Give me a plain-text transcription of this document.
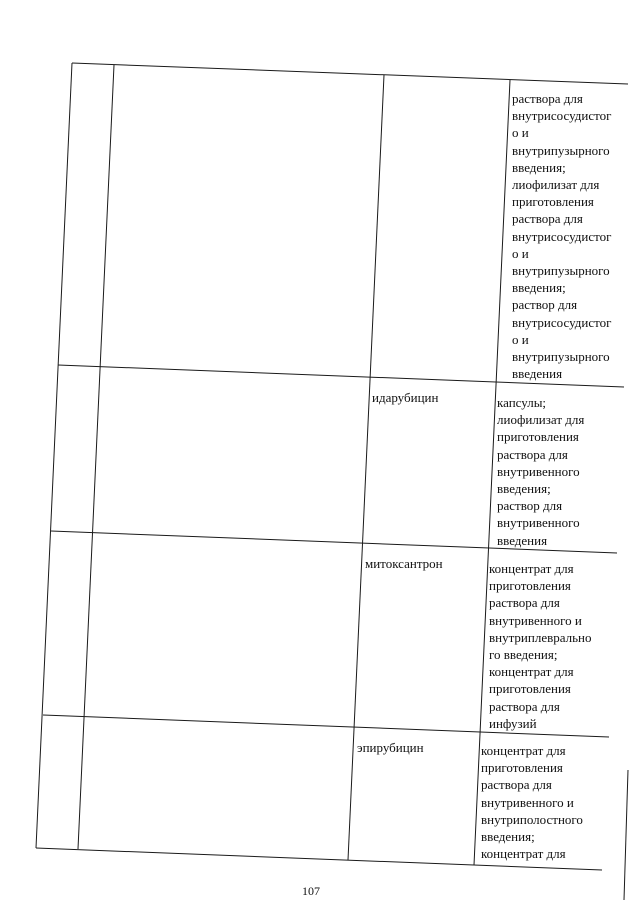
раствора для
внутрисосудистог
о и
внутрипузырного
введения;
лиофилизат для
приготовления
раствора для
внутрисосудистог
о и
внутрипузырного
введения;
раствор для
внутрисосудистог
о и
внутрипузырного
введения
идарубицин	капсулы;
лиофилизат для
приготовления
раствора для
внутривенного
введения;
раствор для
внутривенного
введения
митоксантрон	концентрат для
приготовления
раствора для
внутривенного и
внутриплеврально
го введения;
концентрат для
приготовления
раствора для
инфузий
эпирубицин	концентрат для
приготовления
раствора для
внутривенного и
внутриполостного
введения;
концентрат для
107
